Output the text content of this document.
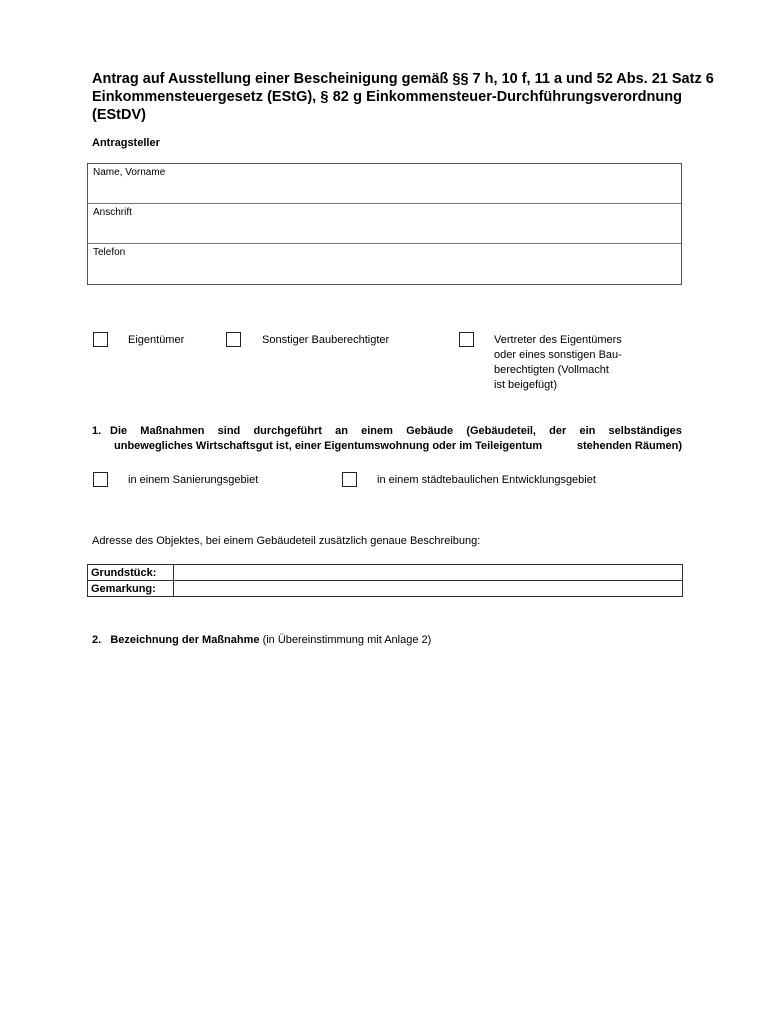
Antrag auf Ausstellung einer Bescheinigung gemäß §§ 7 h, 10 f, 11 a und 52 Abs. 21 Satz 6
Einkommensteuergesetz (EStG), § 82 g Einkommensteuer-Durchführungsverordnung
(EStDV)
Antragsteller
Name, Vorname
Anschrift
Telefon
Eigentümer	Sonstiger Bauberechtigter	Vertreter des Eigentümers
oder eines sonstigen Bau-
berechtigten (Vollmacht
ist beigefügt)
1. Die Maßnahmen sind durchgeführt an einem Gebäude (Gebäudeteil, der ein selbständiges
unbewegliches Wirtschaftsgut ist, einer Eigentumswohnung oder im Teileigentum	stehenden Räumen)
in einem Sanierungsgebiet	in einem städtebaulichen Entwicklungsgebiet
Adresse des Objektes, bei einem Gebäudeteil zusätzlich genaue Beschreibung:
Grundstück:	
Gemarkung:	
2. Bezeichnung der Maßnahme (in Übereinstimmung mit Anlage 2)
